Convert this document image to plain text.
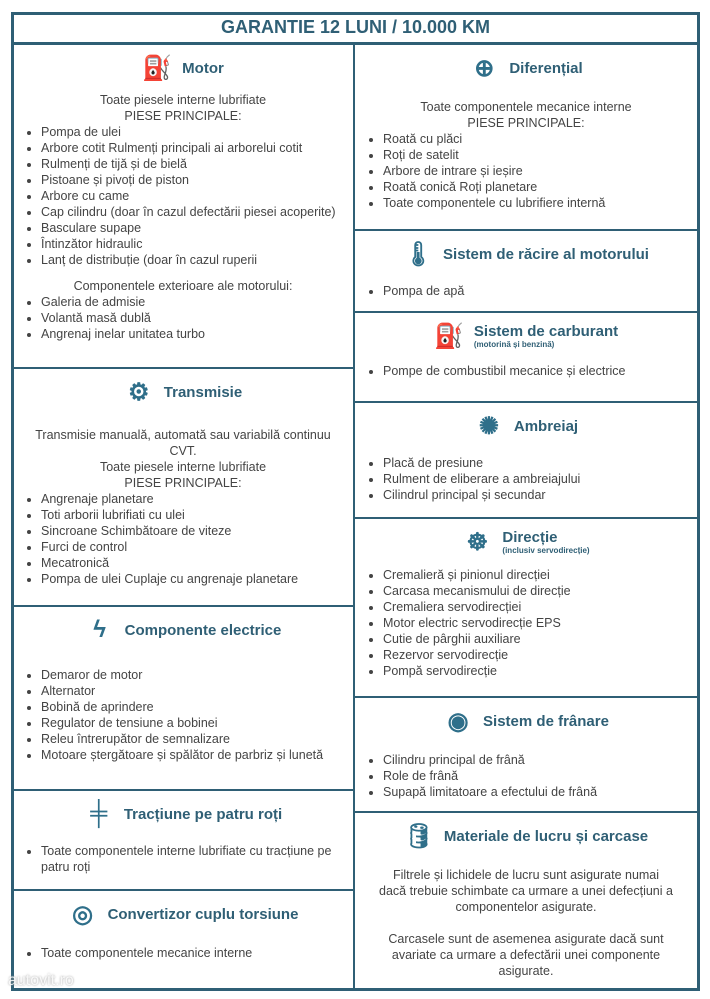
GARANTIE 12 LUNI / 10.000 KM
⛽ Motor
Toate piesele interne lubrifiate
PIESE PRINCIPALE:
• Pompa de ulei
• Arbore cotit Rulmenți principali ai arborelui cotit
• Rulmenți de tijă și de bielă
• Pistoane și pivoți de piston
• Arbore cu came
• Cap cilindru (doar în cazul defectării piesei acoperite)
• Basculare supape
• Întinzător hidraulic
• Lanț de distribuție (doar în cazul ruperii
Componentele exterioare ale motorului:
• Galeria de admisie
• Volantă masă dublă
• Angrenaj inelar unitatea turbo
⚙ Transmisie
Transmisie manuală, automată sau variabilă continuu CVT.
Toate piesele interne lubrifiate
PIESE PRINCIPALE:
• Angrenaje planetare
• Toti arborii lubrifiati cu ulei
• Sincroane Schimbătoare de viteze
• Furci de control
• Mecatronică
• Pompa de ulei Cuplaje cu angrenaje planetare
ϟ	Componente electrice
• Demaror de motor
• Alternator
• Bobină de aprindere
• Regulator de tensiune a bobinei
• Releu întrerupător de semnalizare
• Motoare ștergătoare și spălător de parbriz și lunetă
╪	Tracțiune pe patru roți
• Toate componentele interne lubrifiate cu tracțiune pe patru roți
◎ Convertizor cuplu torsiune
• Toate componentele mecanice interne
⊕ Diferențial
Toate componentele mecanice interne
PIESE PRINCIPALE:
• Roată cu plăci
• Roți de satelit
• Arbore de intrare și ieșire
• Roată conică Roți planetare
• Toate componentele cu lubrifiere internă
🌡 Sistem de răcire al motorului
• Pompa de apă
⛽ Sistem de carburant
(motorină și benzină)
• Pompe de combustibil mecanice și electrice
✺ Ambreiaj
• Placă de presiune
• Rulment de eliberare a ambreiajului
• Cilindrul principal și secundar
☸ Direcție
(inclusiv servodirecție)
• Cremalieră și pinionul direcției
• Carcasa mecanismului de direcție
• Cremaliera servodirecției
• Motor electric servodirecție EPS
• Cutie de pârghii auxiliare
• Rezervor servodirecție
• Pompă servodirecție
◉ Sistem de frânare
• Cilindru principal de frână
• Role de frână
• Supapă limitatoare a efectului de frână
🛢 Materiale de lucru și carcase
Filtrele și lichidele de lucru sunt asigurate numai dacă trebuie schimbate ca urmare a unei defecțiuni a componentelor asigurate.
Carcasele sunt de asemenea asigurate dacă sunt avariate ca urmare a defectării unei componente asigurate.
autovit.ro
